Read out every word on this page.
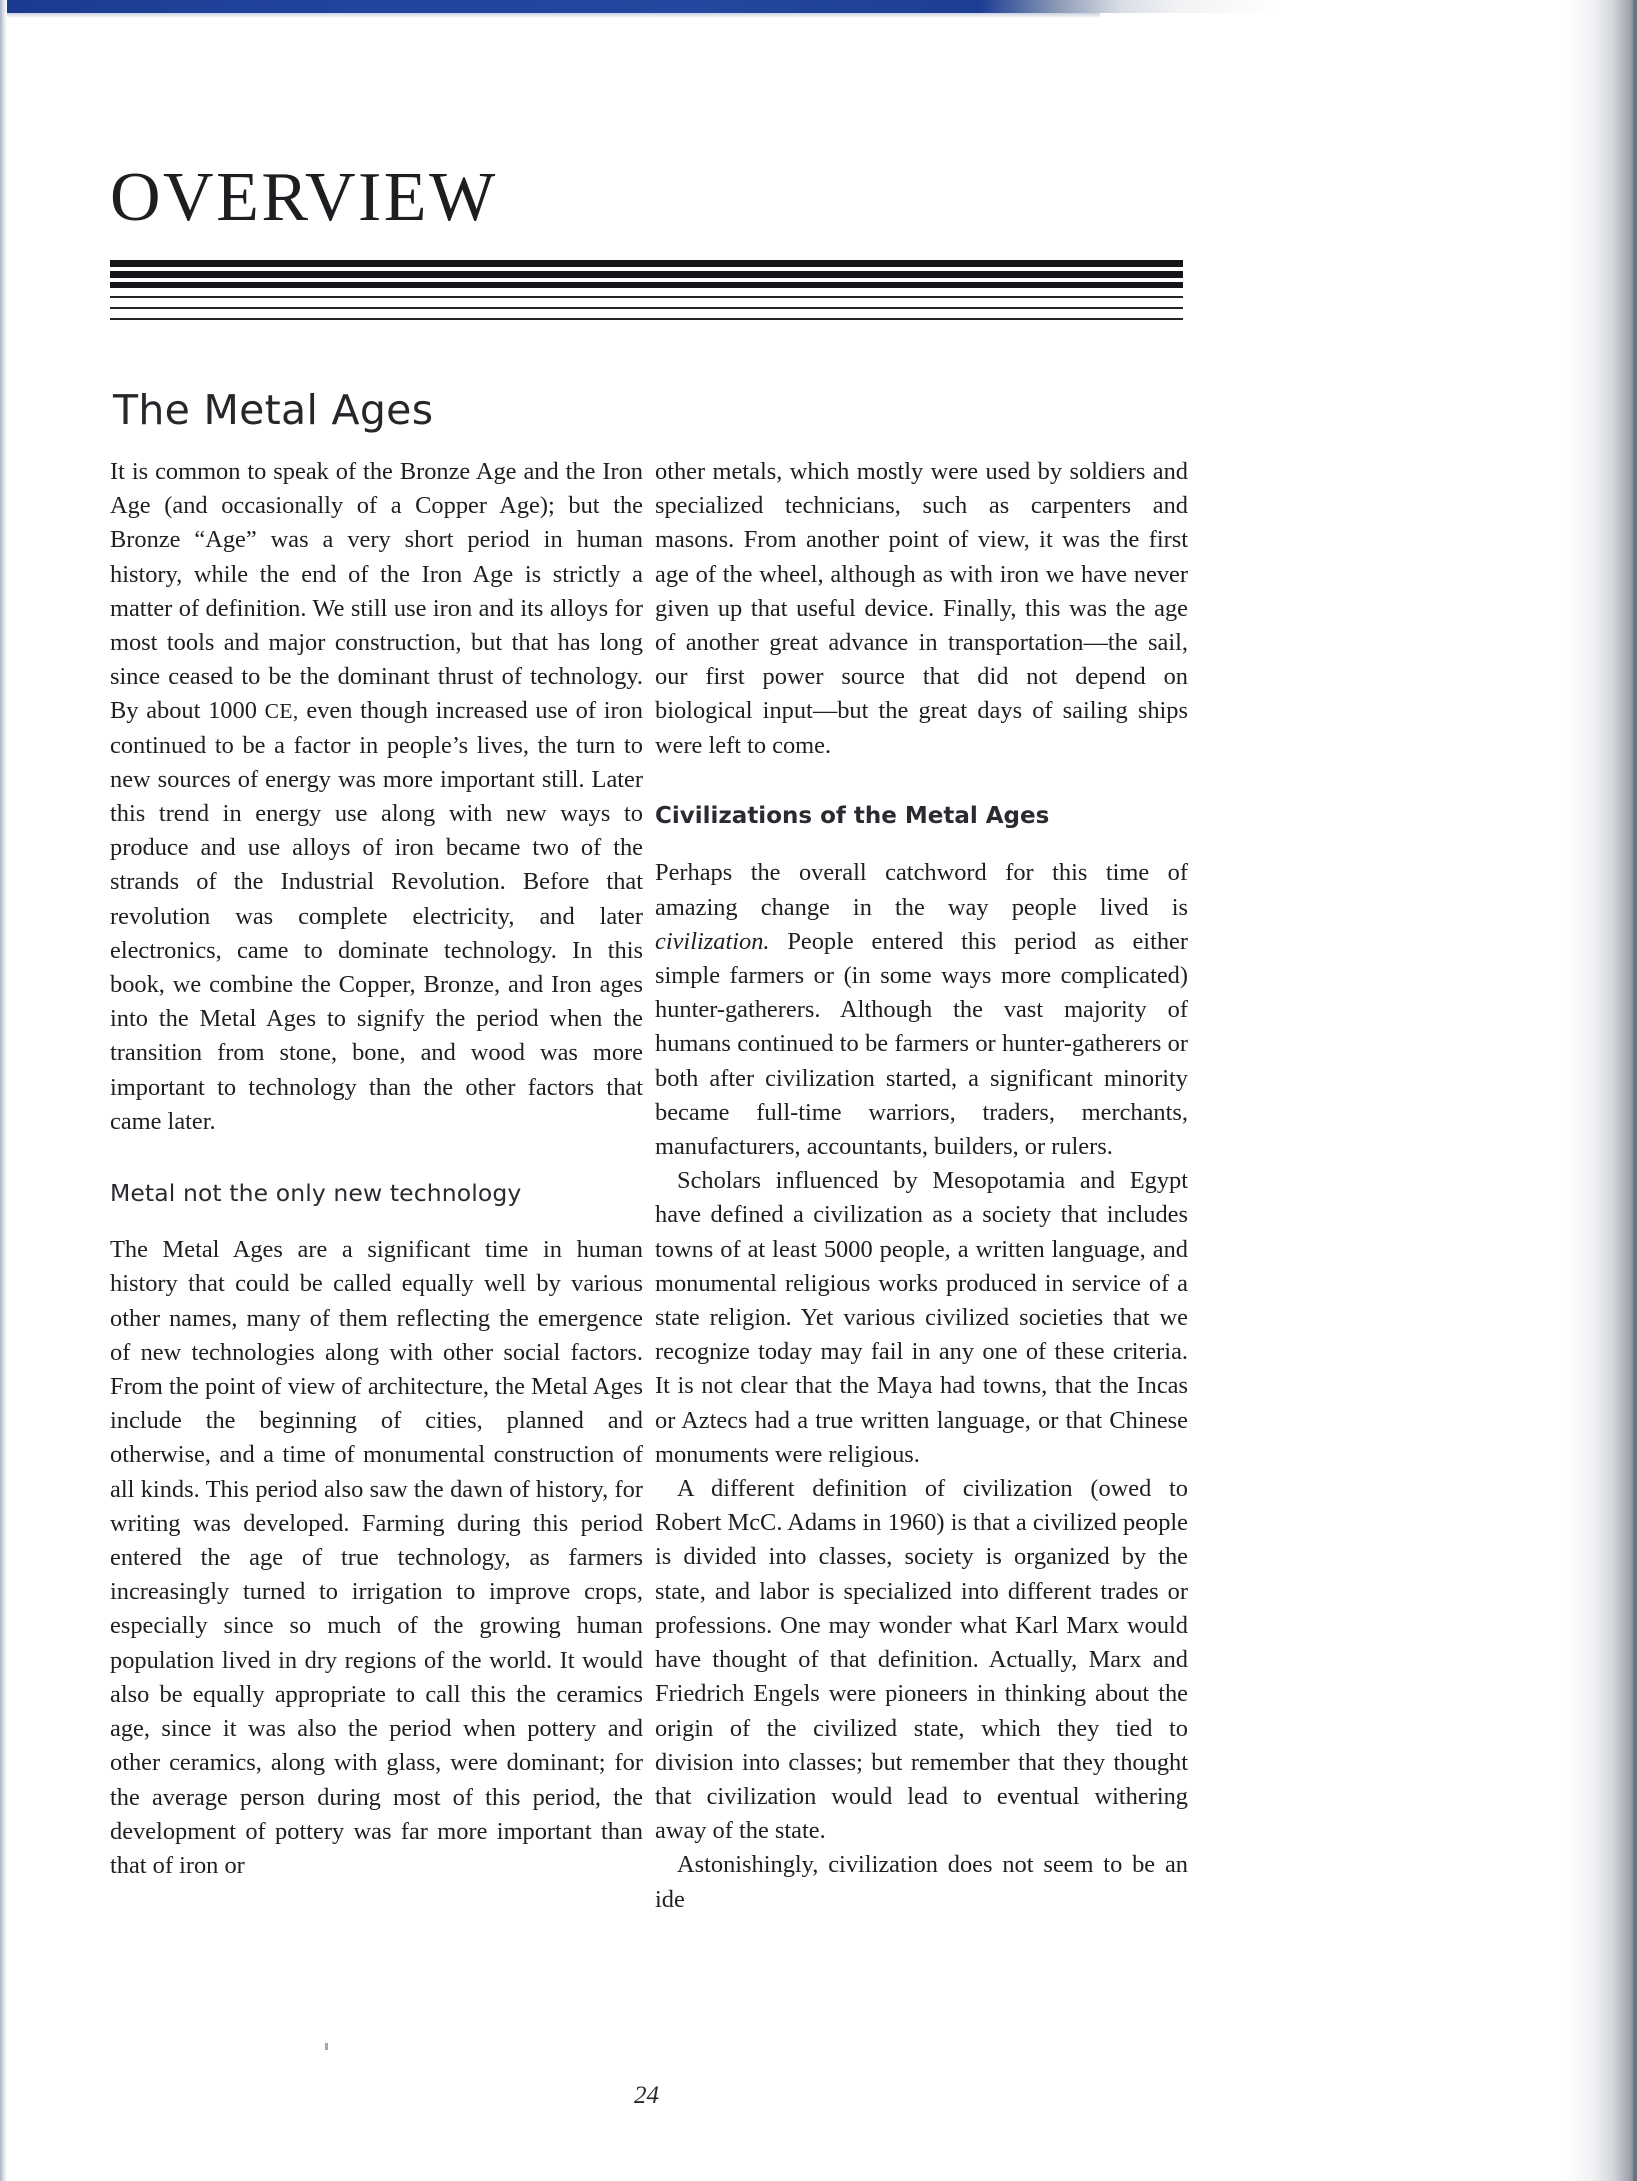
OVERVIEW
The Metal Ages

It is common to speak of the Bronze Age and the Iron Age (and occasionally of a Copper Age); but the Bronze “Age” was a very short period in human history, while the end of the Iron Age is strictly a matter of definition. We still use iron and its alloys for most tools and major construction, but that has long since ceased to be the dominant thrust of technology. By about 1000 CE, even though increased use of iron continued to be a factor in people’s lives, the turn to new sources of energy was more important still. Later this trend in energy use along with new ways to produce and use alloys of iron became two of the strands of the Industrial Revolution. Before that revolution was complete electricity, and later electronics, came to dominate technology. In this book, we combine the Copper, Bronze, and Iron ages into the Metal Ages to signify the period when the transition from stone, bone, and wood was more important to technology than the other factors that came later.

Metal not the only new technology

The Metal Ages are a significant time in human history that could be called equally well by various other names, many of them reflecting the emergence of new technologies along with other social factors. From the point of view of architecture, the Metal Ages include the beginning of cities, planned and otherwise, and a time of monumental construction of all kinds. This period also saw the dawn of history, for writing was developed. Farming during this period entered the age of true technology, as farmers increasingly turned to irrigation to improve crops, especially since so much of the growing human population lived in dry regions of the world. It would also be equally appropriate to call this the ceramics age, since it was also the period when pottery and other ceramics, along with glass, were dominant; for the average person during most of this period, the development of pottery was far more important than that of iron or

other metals, which mostly were used by soldiers and specialized technicians, such as carpenters and masons. From another point of view, it was the first age of the wheel, although as with iron we have never given up that useful device. Finally, this was the age of another great advance in transportation—the sail, our first power source that did not depend on biological input—but the great days of sailing ships were left to come.

Civilizations of the Metal Ages

Perhaps the overall catchword for this time of amazing change in the way people lived is civilization. People entered this period as either simple farmers or (in some ways more complicated) hunter-gatherers. Although the vast majority of humans continued to be farmers or hunter-gatherers or both after civilization started, a significant minority became full-time warriors, traders, merchants, manufacturers, accountants, builders, or rulers.

Scholars influenced by Mesopotamia and Egypt have defined a civilization as a society that includes towns of at least 5000 people, a written language, and monumental religious works produced in service of a state religion. Yet various civilized societies that we recognize today may fail in any one of these criteria. It is not clear that the Maya had towns, that the Incas or Aztecs had a true written language, or that Chinese monuments were religious.

A different definition of civilization (owed to Robert McC. Adams in 1960) is that a civilized people is divided into classes, society is organized by the state, and labor is specialized into different trades or professions. One may wonder what Karl Marx would have thought of that definition. Actually, Marx and Friedrich Engels were pioneers in thinking about the origin of the civilized state, which they tied to division into classes; but remember that they thought that civilization would lead to eventual withering away of the state.

Astonishingly, civilization does not seem to be an ide

24
